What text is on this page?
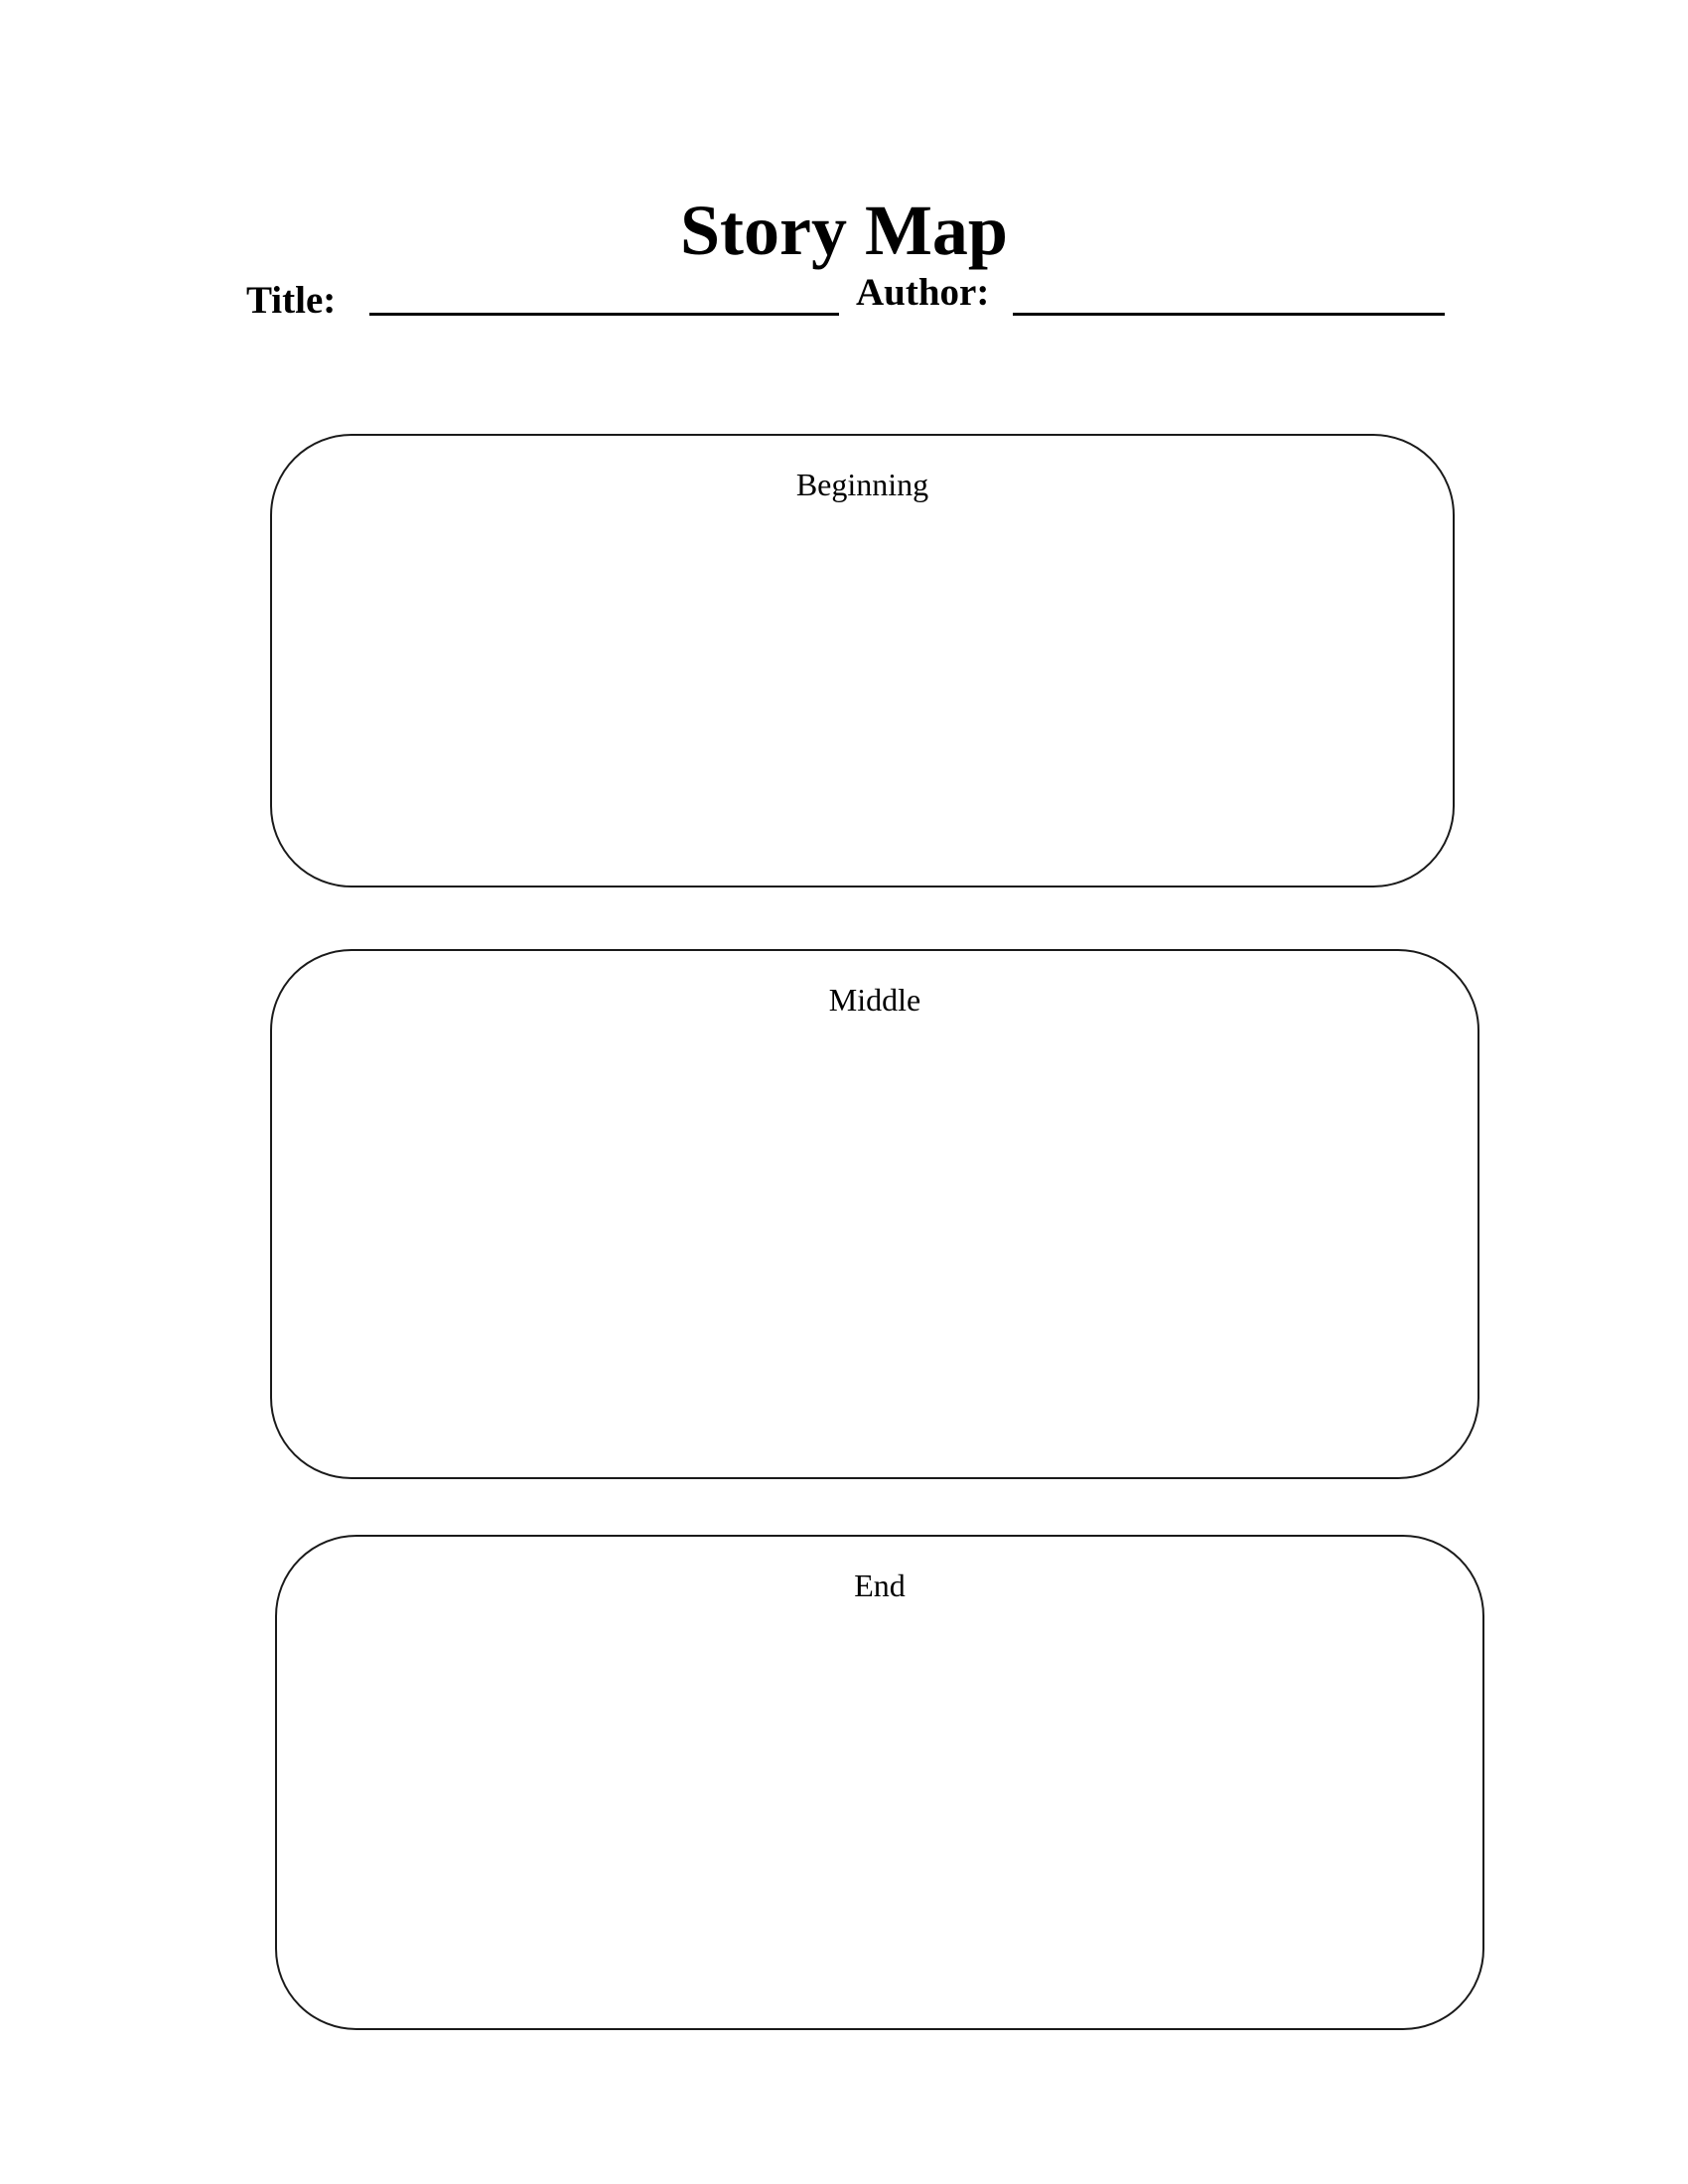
Story Map
Title:	Author:
Beginning
Middle
End
